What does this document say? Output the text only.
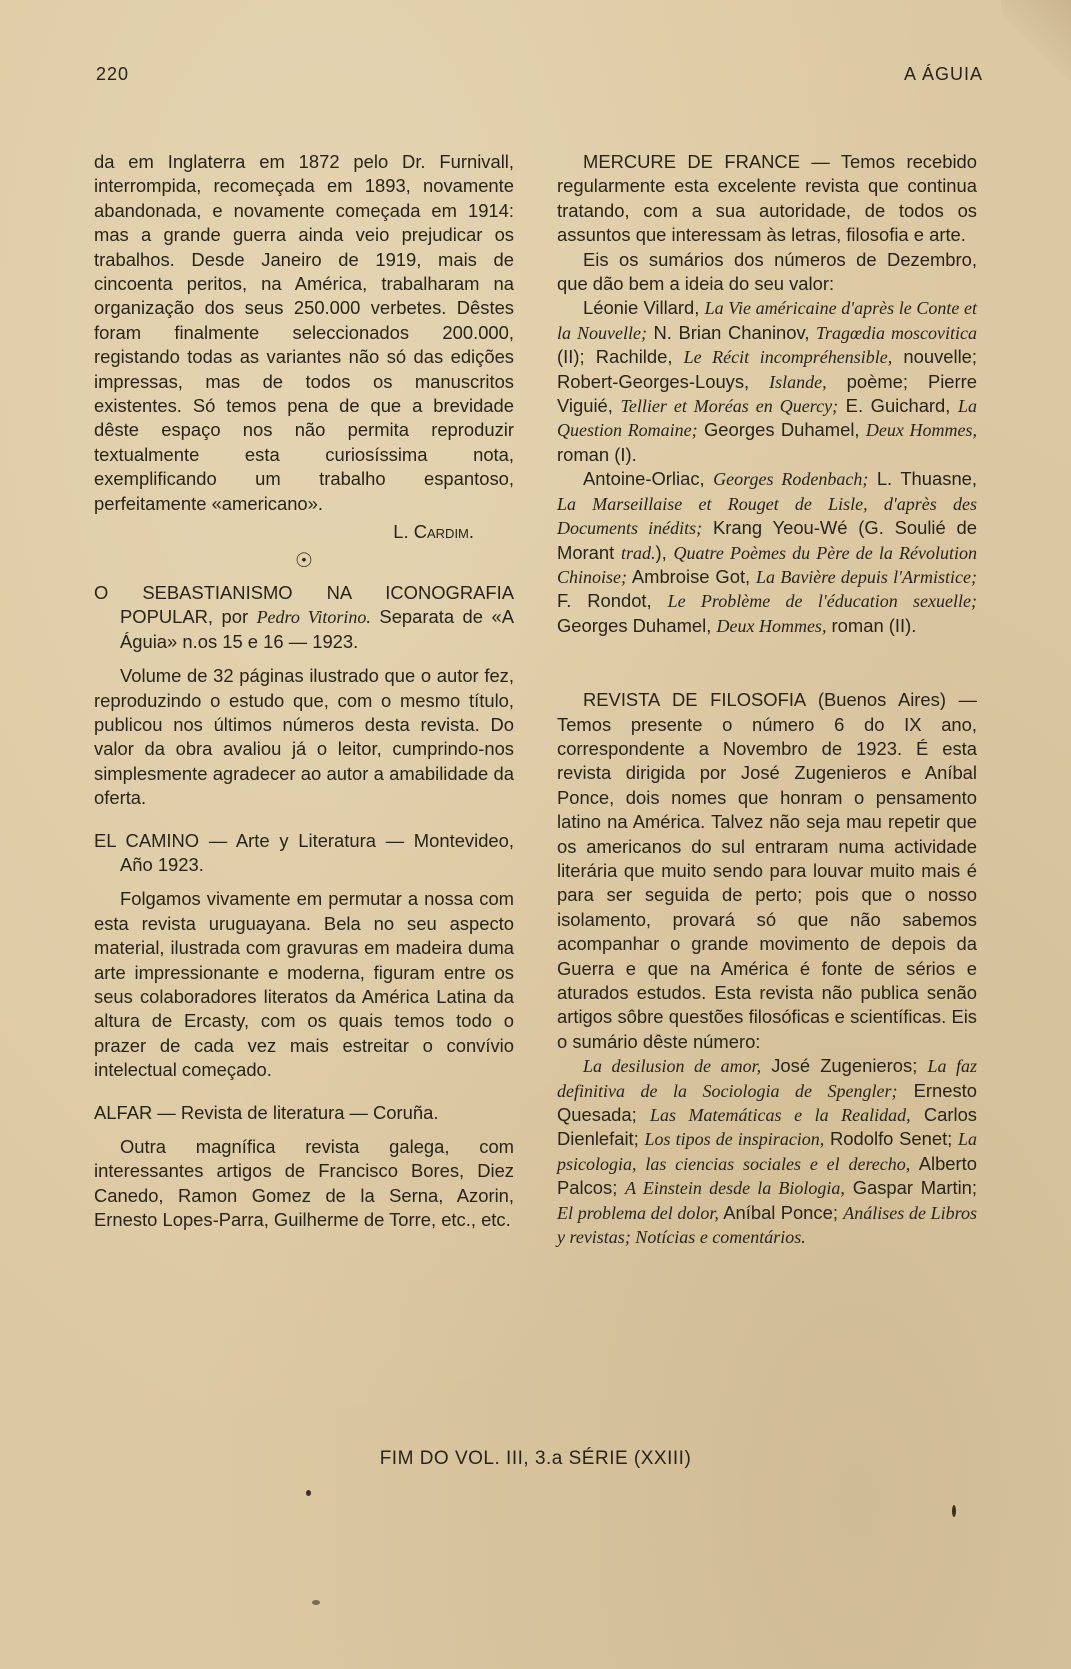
220	A ÁGUIA

da em Inglaterra em 1872 pelo Dr. Furnivall, interrompida, recomeçada em 1893, novamente abandonada, e novamente começada em 1914: mas a grande guerra ainda veio prejudicar os trabalhos. Desde Janeiro de 1919, mais de cincoenta peritos, na América, trabalharam na organização dos seus 250.000 verbetes. Dêstes foram finalmente seleccionados 200.000, registando todas as variantes não só das edições impressas, mas de todos os manuscritos existentes. Só temos pena de que a brevidade dêste espaço nos não permita reproduzir textualmente esta curiosíssima nota, exemplificando um trabalho espantoso, perfeitamente «americano».

L. Cardim.

☉

O SEBASTIANISMO NA ICONOGRAFIA POPULAR, por Pedro Vitorino. Separata de «A Águia» n.os 15 e 16 — 1923.

Volume de 32 páginas ilustrado que o autor fez, reproduzindo o estudo que, com o mesmo título, publicou nos últimos números desta revista. Do valor da obra avaliou já o leitor, cumprindo-nos simplesmente agradecer ao autor a amabilidade da oferta.

EL CAMINO — Arte y Literatura — Montevideo, Año 1923.

Folgamos vivamente em permutar a nossa com esta revista uruguayana. Bela no seu aspecto material, ilustrada com gravuras em madeira duma arte impressionante e moderna, figuram entre os seus colaboradores literatos da América Latina da altura de Ercasty, com os quais temos todo o prazer de cada vez mais estreitar o convívio intelectual começado.

ALFAR — Revista de literatura — Coruña.

Outra magnífica revista galega, com interessantes artigos de Francisco Bores, Diez Canedo, Ramon Gomez de la Serna, Azorin, Ernesto Lopes-Parra, Guilherme de Torre, etc., etc.

MERCURE DE FRANCE — Temos recebido regularmente esta excelente revista que continua tratando, com a sua autoridade, de todos os assuntos que interessam às letras, filosofia e arte.

Eis os sumários dos números de Dezembro, que dão bem a ideia do seu valor:

Léonie Villard, La Vie américaine d'après le Conte et la Nouvelle; N. Brian Chaninov, Tragœdia moscovitica (II); Rachilde, Le Récit incompréhensible, nouvelle; Robert-Georges-Louys, Islande, poème; Pierre Viguié, Tellier et Moréas en Quercy; E. Guichard, La Question Romaine; Georges Duhamel, Deux Hommes, roman (I).

Antoine-Orliac, Georges Rodenbach; L. Thuasne, La Marseillaise et Rouget de Lisle, d'après des Documents inédits; Krang Yeou-Wé (G. Soulié de Morant trad.), Quatre Poèmes du Père de la Révolution Chinoise; Ambroise Got, La Bavière depuis l'Armistice; F. Rondot, Le Problème de l'éducation sexuelle; Georges Duhamel, Deux Hommes, roman (II).

REVISTA DE FILOSOFIA (Buenos Aires) — Temos presente o número 6 do IX ano, correspondente a Novembro de 1923. É esta revista dirigida por José Zugenieros e Aníbal Ponce, dois nomes que honram o pensamento latino na América. Talvez não seja mau repetir que os americanos do sul entraram numa actividade literária que muito sendo para louvar muito mais é para ser seguida de perto; pois que o nosso isolamento, provará só que não sabemos acompanhar o grande movimento de depois da Guerra e que na América é fonte de sérios e aturados estudos. Esta revista não publica senão artigos sôbre questões filosóficas e scientíficas. Eis o sumário dêste número:

La desilusion de amor, José Zugenieros; La faz definitiva de la Sociologia de Spengler; Ernesto Quesada; Las Matemáticas e la Realidad, Carlos Dienlefait; Los tipos de inspiracion, Rodolfo Senet; La psicologia, las ciencias sociales e el derecho, Alberto Palcos; A Einstein desde la Biologia, Gaspar Martin; El problema del dolor, Aníbal Ponce; Análises de Libros y revistas; Notícias e comentários.

FIM DO VOL. III, 3.a SÉRIE (XXIII)
